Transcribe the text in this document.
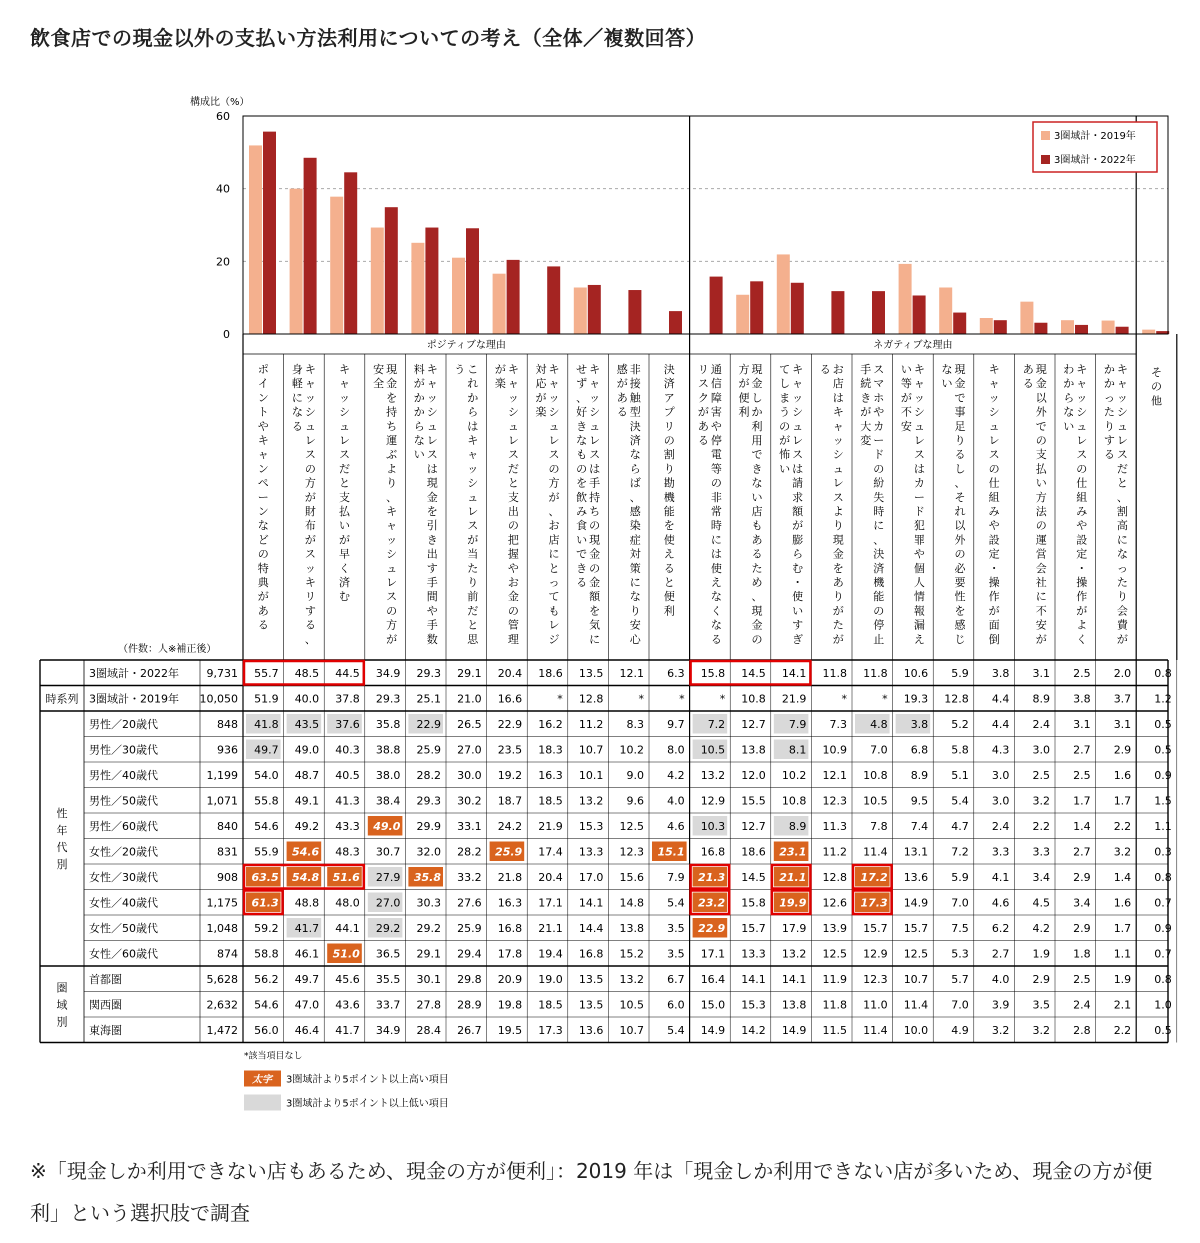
飲食店での現金以外の支払い方法利用についての考え（全体／複数回答）
構成比（%）
0
20
40
60
3圏域計・2019年
3圏域計・2022年
ポジティブな理由	ネガティブな理由
ポイントやキャンペーンなどの特典がある
キャッシュレスの方が財布がスッキリする、
身軽になる
キャッシュレスだと支払いが早く済む
現金を持ち運ぶより、キャッシュレスの方が
安全
キャッシュレスは現金を引き出す手間や手数
料がかからない
これからはキャッシュレスが当たり前だと思
う	キャッシュレスだと支出の把握やお金の管理
が楽
キャッシュレスの方が、お店にとってもレジ
対応が楽
キャッシュレスは手持ちの現金の金額を気に
せず、好きなものを飲み食いできる
非接触型決済ならば、感染症対策になり安心
感がある
決済アプリの割り勘機能を使えると便利
通信障害や停電等の非常時には使えなくなる
リスクがある
現金しか利用できない店もあるため、現金の
方が便利
キャッシュレスは請求額が膨らむ・使いすぎ
てしまうのが怖い
お店はキャッシュレスより現金をありがたが
る	スマホやカードの紛失時に、決済機能の停止
手続きが大変
キャッシュレスはカード犯罪や個人情報漏え
い等が不安
現金で事足りるし、それ以外の必要性を感じ
ない
キャッシュレスの仕組みや設定・操作が面倒
現金以外での支払い方法の運営会社に不安が
ある
キャッシュレスの仕組みや設定・操作がよく
わからない
キャッシュレスだと、割高になったり会費が
かかったりする
その他
（件数：人※補正後）
時系列
性年代別
圏域別
3圏域計・2022年	9,731 55.7 48.5 44.5 34.9 29.3 29.1 20.4 18.6 13.5 12.1 6.3 15.8 14.5 14.1 11.8 11.8 10.6 5.9 3.8 3.1 2.5 2.0 0.8
3圏域計・2019年 10,050 51.9 40.0 37.8 29.3 25.1 21.0 16.6	* 12.8	*	*	* 10.8 21.9	*	* 19.3 12.8 4.4 8.9 3.8 3.7 1.2
男性／20歳代	848 41.8 43.5 37.6 35.8 22.9 26.5 22.9 16.2 11.2 8.3 9.7 7.2 12.7 7.9 7.3 4.8 3.8 5.2 4.4 2.4 3.1 3.1 0.5
男性／30歳代	936 49.7 49.0 40.3 38.8 25.9 27.0 23.5 18.3 10.7 10.2 8.0 10.5 13.8 8.1 10.9 7.0 6.8 5.8 4.3 3.0 2.7 2.9 0.5
男性／40歳代	1,199 54.0 48.7 40.5 38.0 28.2 30.0 19.2 16.3 10.1 9.0 4.2 13.2 12.0 10.2 12.1 10.8 8.9 5.1 3.0 2.5 2.5 1.6 0.9
男性／50歳代	1,071 55.8 49.1 41.3 38.4 29.3 30.2 18.7 18.5 13.2 9.6 4.0 12.9 15.5 10.8 12.3 10.5 9.5 5.4 3.0 3.2 1.7 1.7 1.5
男性／60歳代	840 54.6 49.2 43.3 49.0 29.9 33.1 24.2 21.9 15.3 12.5 4.6 10.3 12.7 8.9 11.3 7.8 7.4 4.7 2.4 2.2 1.4 2.2 1.1
女性／20歳代	831 55.9 54.6 48.3 30.7 32.0 28.2 25.9 17.4 13.3 12.3 15.1 16.8 18.6 23.1 11.2 11.4 13.1 7.2 3.3 3.3 2.7 3.2 0.3
女性／30歳代	908 63.5 54.8 51.6 27.9 35.8 33.2 21.8 20.4 17.0 15.6 7.9 21.3 14.5 21.1 12.8 17.2 13.6 5.9 4.1 3.4 2.9 1.4 0.8
女性／40歳代	1,175 61.3 48.8 48.0 27.0 30.3 27.6 16.3 17.1 14.1 14.8 5.4 23.2 15.8 19.9 12.6 17.3 14.9 7.0 4.6 4.5 3.4 1.6 0.7
女性／50歳代	1,048 59.2 41.7 44.1 29.2 29.2 25.9 16.8 21.1 14.4 13.8 3.5 22.9 15.7 17.9 13.9 15.7 15.7 7.5 6.2 4.2 2.9 1.7 0.9
女性／60歳代	874 58.8 46.1 51.0 36.5 29.1 29.4 17.8 19.4 16.8 15.2 3.5 17.1 13.3 13.2 12.5 12.9 12.5 5.3 2.7 1.9 1.8 1.1 0.7
首都圏	5,628 56.2 49.7 45.6 35.5 30.1 29.8 20.9 19.0 13.5 13.2 6.7 16.4 14.1 14.1 11.9 12.3 10.7 5.7 4.0 2.9 2.5 1.9 0.8
関西圏	2,632 54.6 47.0 43.6 33.7 27.8 28.9 19.8 18.5 13.5 10.5 6.0 15.0 15.3 13.8 11.8 11.0 11.4 7.0 3.9 3.5 2.4 2.1 1.0
東海圏	1,472 56.0 46.4 41.7 34.9 28.4 26.7 19.5 17.3 13.6 10.7 5.4 14.9 14.2 14.9 11.5 11.4 10.0 4.9 3.2 3.2 2.8 2.2 0.5
*該当項目なし
太字 3圏域計より5ポイント以上高い項目
3圏域計より5ポイント以上低い項目
※「現金しか利用できない店もあるため、現金の方が便利」：2019 年は「現金しか利用できない店が多いため、現金の方が便利」という選択肢で調査
